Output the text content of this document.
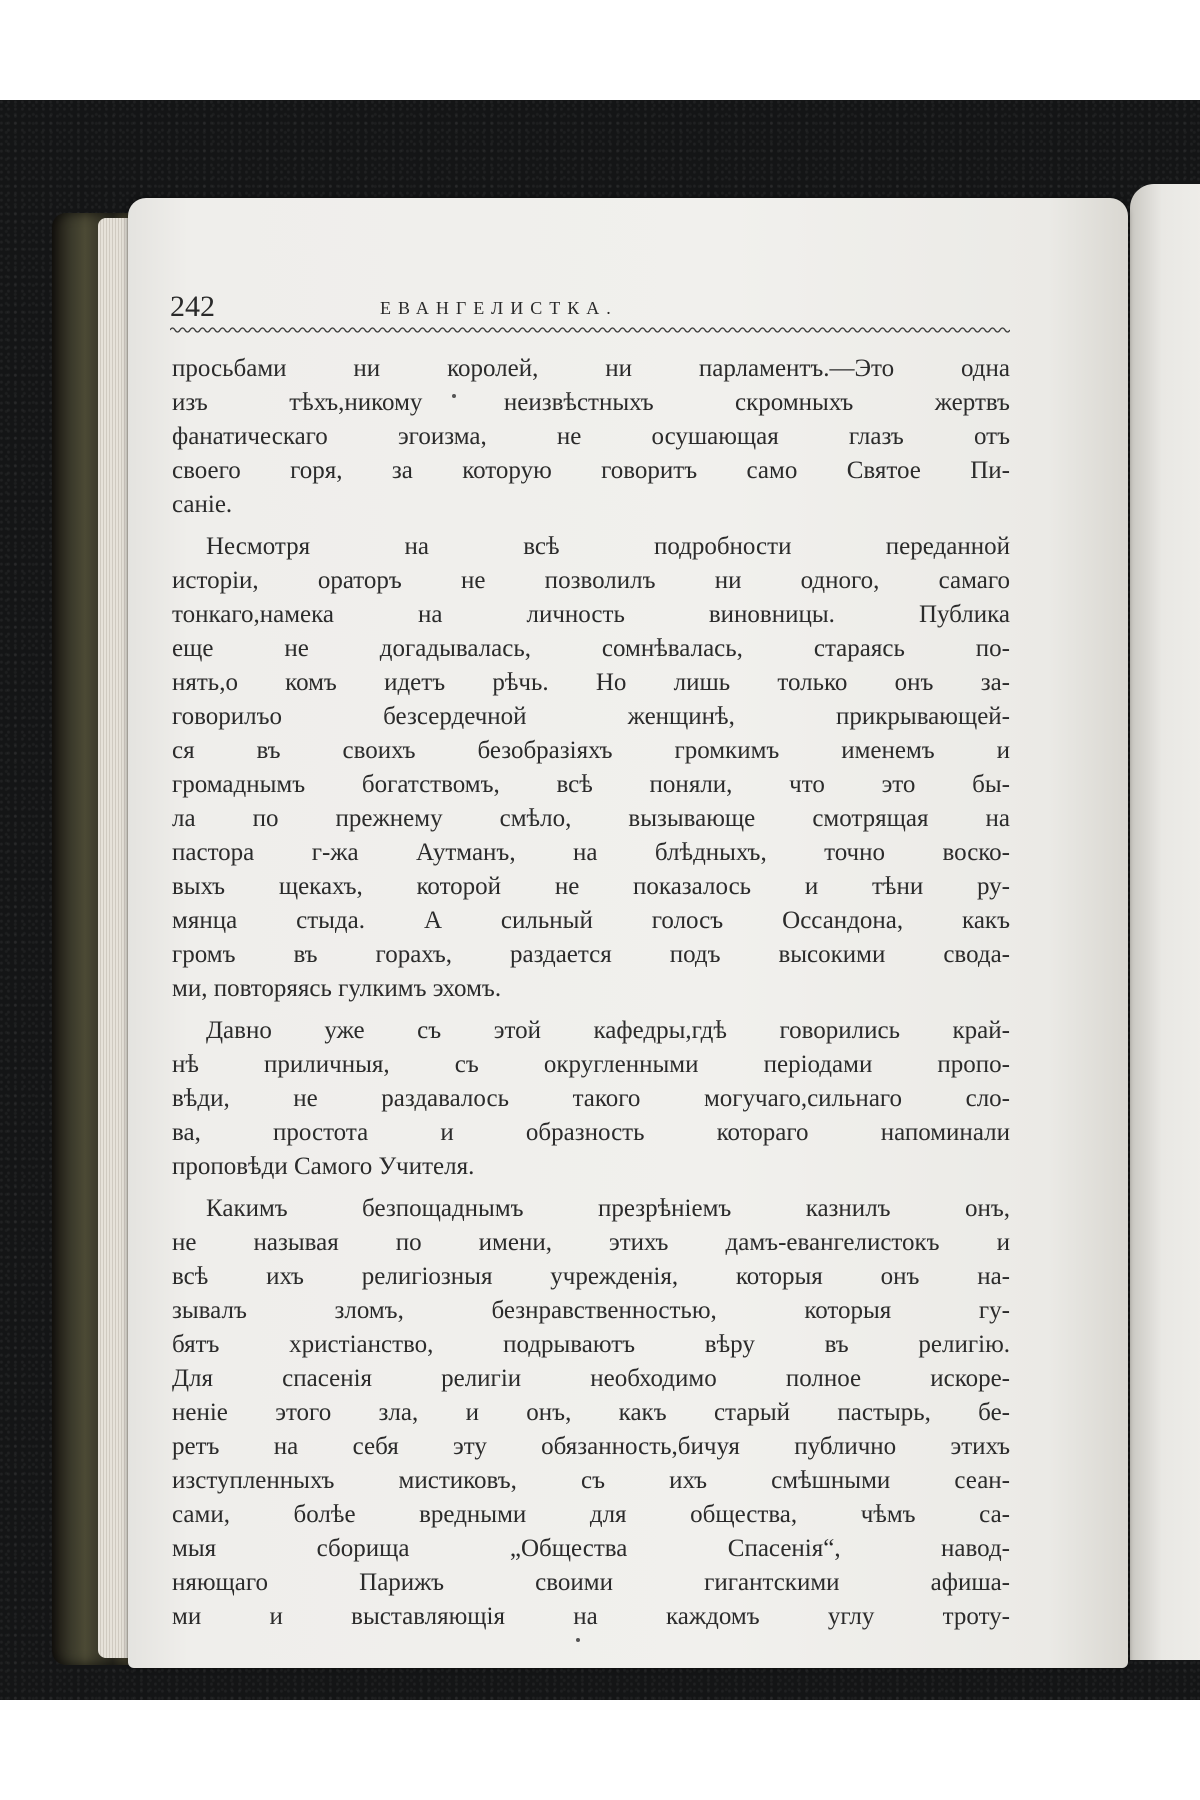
242	ЕВАНГЕЛИСТКА.
просьбами ни королей, ни парламентъ.—Это одна
изъ тѣхъ,никому неизвѣстныхъ скромныхъ жертвъ
фанатическаго эгоизма, не осушающая глазъ отъ
своего горя, за которую говоритъ само Святое Пи-
саніе.
Несмотря на всѣ подробности переданной
исторіи, ораторъ не позволилъ ни одного, самаго
тонкаго,намека на личность виновницы. Публика
еще не догадывалась, сомнѣвалась, стараясь по-
нять,о комъ идетъ рѣчь. Но лишь только онъ за-
говорилъо безсердечной женщинѣ, прикрывающей-
ся въ своихъ безобразіяхъ громкимъ именемъ и
громаднымъ богатствомъ, всѣ поняли, что это бы-
ла по прежнему смѣло, вызывающе смотрящая на
пастора г-жа Аутманъ, на блѣдныхъ, точно воско-
выхъ щекахъ, которой не показалось и тѣни ру-
мянца стыда. А сильный голосъ Оссандона, какъ
громъ въ горахъ, раздается подъ высокими свода-
ми, повторяясь гулкимъ эхомъ.
Давно уже съ этой кафедры,гдѣ говорились край-
нѣ приличныя, съ округленными періодами пропо-
вѣди, не раздавалось такого могучаго,сильнаго сло-
ва, простота и образность котораго напоминали
проповѣди Самого Учителя.
Какимъ безпощаднымъ презрѣніемъ казнилъ онъ,
не называя по имени, этихъ дамъ-евангелистокъ и
всѣ ихъ религіозныя учрежденія, которыя онъ на-
зывалъ зломъ, безнравственностью, которыя гу-
бятъ христіанство, подрываютъ вѣру въ религію.
Для спасенія религіи необходимо полное искоре-
неніе этого зла, и онъ, какъ старый пастырь, бе-
ретъ на себя эту обязанность,бичуя публично этихъ
изступленныхъ мистиковъ, съ ихъ смѣшными сеан-
сами, болѣе вредными для общества, чѣмъ са-
мыя сборища „Общества Спасенія“, навод-
няющаго Парижъ своими гигантскими афиша-
ми и выставляющія на каждомъ углу троту-
